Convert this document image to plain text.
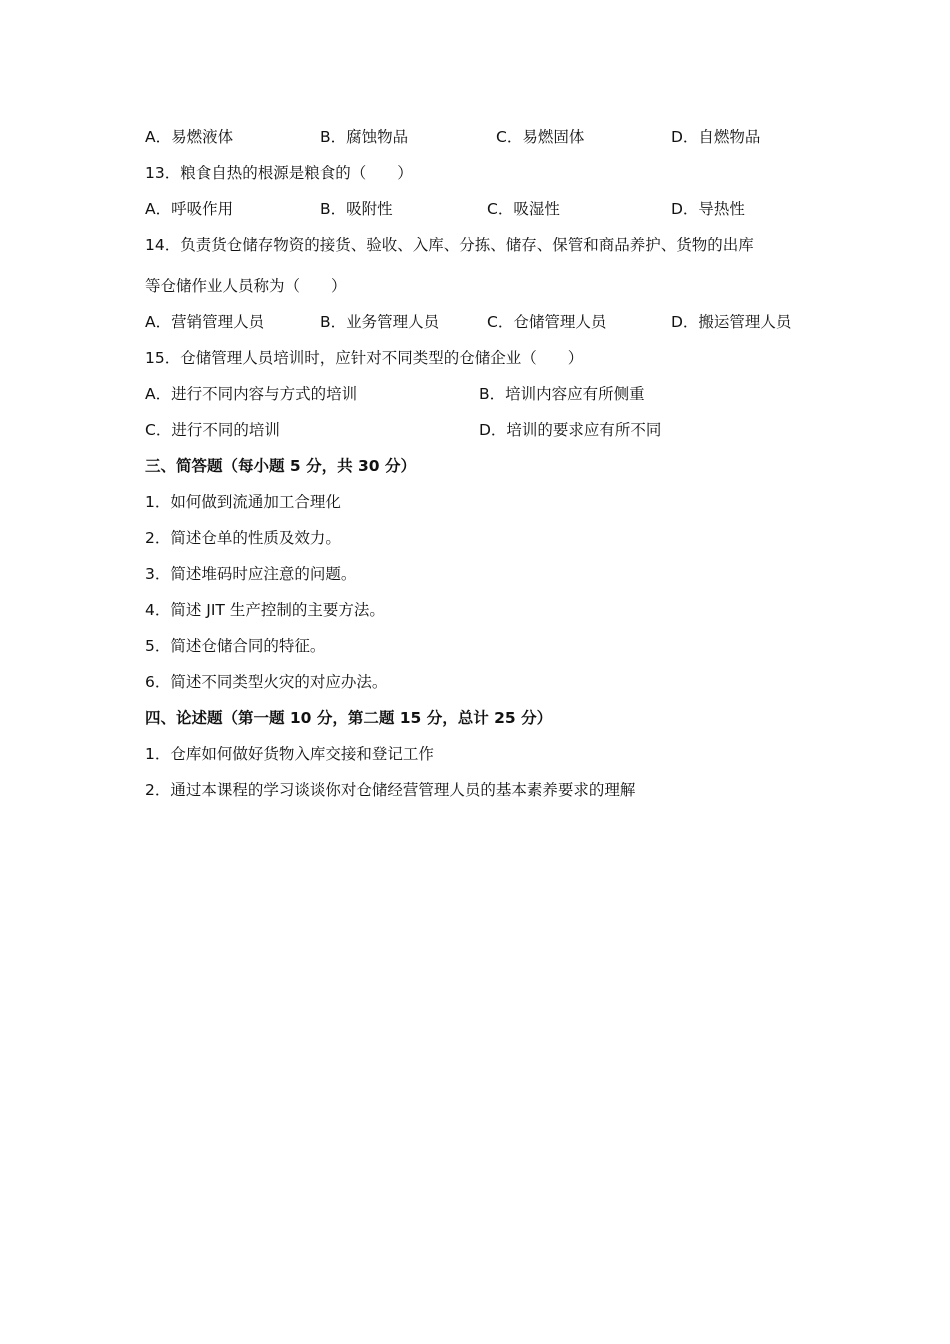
A．易燃液体	B．腐蚀物品	C．易燃固体	D．自燃物品
13．粮食自热的根源是粮食的（　　）
A．呼吸作用	B．吸附性	C．吸湿性	D．导热性
14．负责货仓储存物资的接货、验收、入库、分拣、储存、保管和商品养护、货物的出库
等仓储作业人员称为（　　）
A．营销管理人员	B．业务管理人员	C．仓储管理人员	D．搬运管理人员
15．仓储管理人员培训时，应针对不同类型的仓储企业（　　）
A．进行不同内容与方式的培训	B．培训内容应有所侧重
C．进行不同的培训	D．培训的要求应有所不同
三、简答题（每小题 5 分，共 30 分）
1．如何做到流通加工合理化
2．简述仓单的性质及效力。
3．简述堆码时应注意的问题。
4．简述 JIT 生产控制的主要方法。
5．简述仓储合同的特征。
6．简述不同类型火灾的对应办法。
四、论述题（第一题 10 分，第二题 15 分，总计 25 分）
1．仓库如何做好货物入库交接和登记工作
2．通过本课程的学习谈谈你对仓储经营管理人员的基本素养要求的理解
